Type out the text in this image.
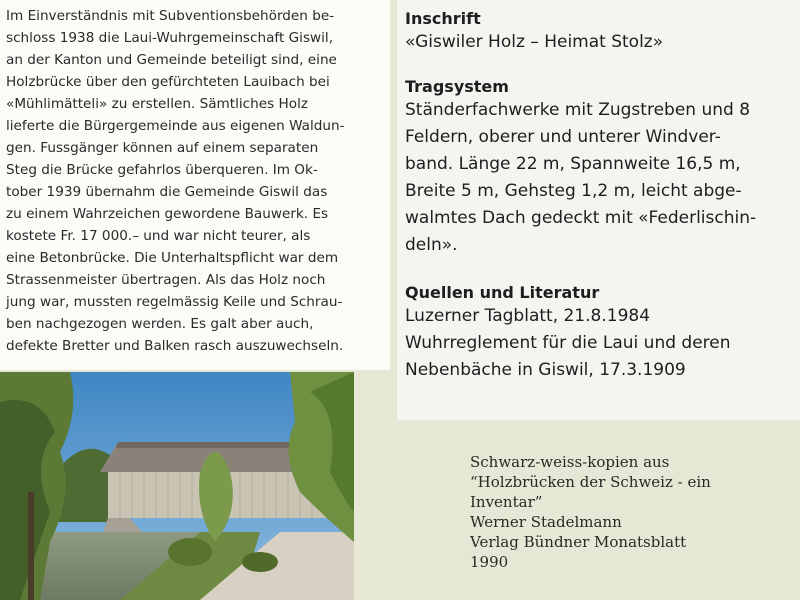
Im Einverständnis mit Subventionsbehörden be-
schloss 1938 die Laui-Wuhrgemeinschaft Giswil,
an der Kanton und Gemeinde beteiligt sind, eine
Holzbrücke über den gefürchteten Lauibach bei
«Mühlimätteli» zu erstellen. Sämtliches Holz
lieferte die Bürgergemeinde aus eigenen Waldun-
gen. Fussgänger können auf einem separaten
Steg die Brücke gefahrlos überqueren. Im Ok-
tober 1939 übernahm die Gemeinde Giswil das
zu einem Wahrzeichen gewordene Bauwerk. Es
kostete Fr. 17 000.– und war nicht teurer, als
eine Betonbrücke. Die Unterhaltspflicht war dem
Strassenmeister übertragen. Als das Holz noch
jung war, mussten regelmässig Keile und Schrau-
ben nachgezogen werden. Es galt aber auch,
defekte Bretter und Balken rasch auszuwechseln.
Inschrift
«Giswiler Holz – Heimat Stolz»
Tragsystem
Ständerfachwerke mit Zugstreben und 8
Feldern, oberer und unterer Windver-
band. Länge 22 m, Spannweite 16,5 m,
Breite 5 m, Gehsteg 1,2 m, leicht abge-
walmtes Dach gedeckt mit «Federlischin-
deln».
Quellen und Literatur
Luzerner Tagblatt, 21.8.1984
Wuhrreglement für die Laui und deren
Nebenbäche in Giswil, 17.3.1909
Schwarz-weiss-kopien aus
“Holzbrücken der Schweiz - ein
Inventar”
Werner Stadelmann
Verlag Bündner Monatsblatt
1990
